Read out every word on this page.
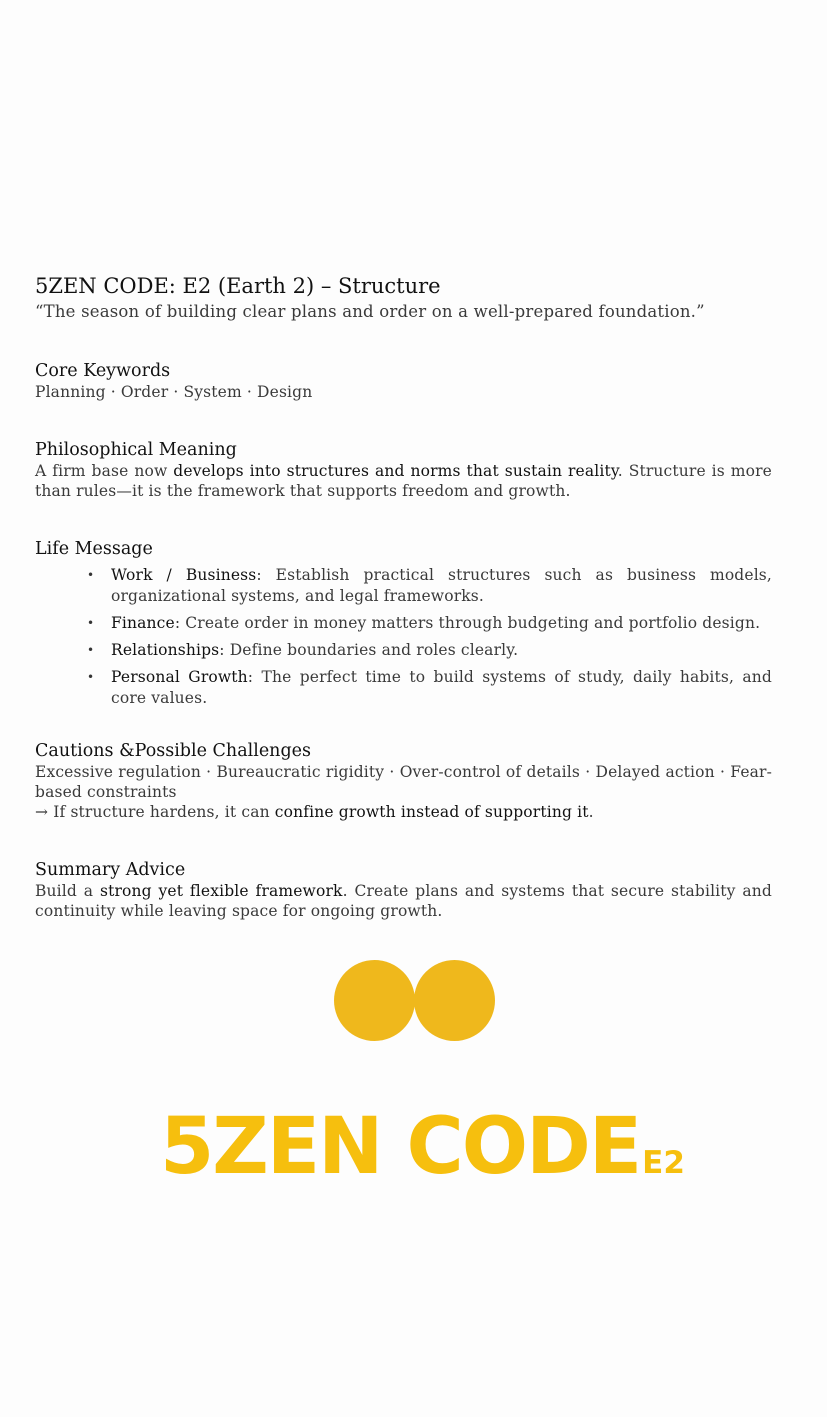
5ZEN CODE: E2 (Earth 2) – Structure

“The season of building clear plans and order on a well-prepared foundation.”

Core Keywords

Planning · Order · System · Design

Philosophical Meaning

A firm base now develops into structures and norms that sustain reality. Structure is more than rules—it is the framework that supports freedom and growth.

Life Message
• Work / Business: Establish practical structures such as business models, organizational systems, and legal frameworks.
• Finance: Create order in money matters through budgeting and portfolio design.
• Relationships: Define boundaries and roles clearly.
• Personal Growth: The perfect time to build systems of study, daily habits, and core values.
Cautions &Possible Challenges

Excessive regulation · Bureaucratic rigidity · Over-control of details · Delayed action · Fear-based constraints

→ If structure hardens, it can confine growth instead of supporting it.

Summary Advice

Build a strong yet flexible framework. Create plans and systems that secure stability and continuity while leaving space for ongoing growth.

5ZEN CODEE2
